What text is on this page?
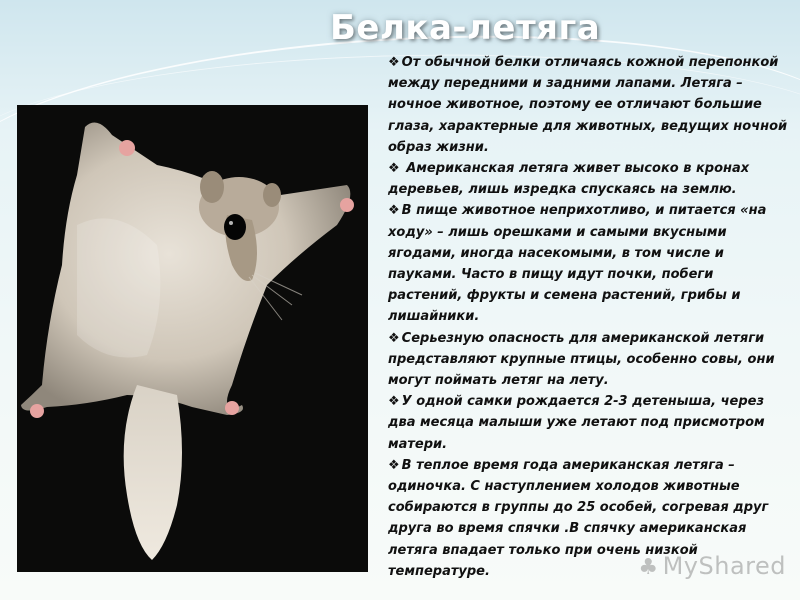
Белка-летяга

❖ От обычной белки отличаясь кожной перепонкой между передними и задними лапами. Летяга – ночное животное, поэтому ее отличают большие глаза, характерные для животных, ведущих ночной образ жизни.

❖ Американская летяга живет высоко в кронах деревьев, лишь изредка спускаясь на землю.

❖ В пище животное неприхотливо, и питается «на ходу» – лишь орешками и самыми вкусными ягодами, иногда насекомыми, в том числе и пауками. Часто в пищу идут почки, побеги растений, фрукты и семена растений, грибы и лишайники.

❖ Серьезную опасность для американской летяги представляют крупные птицы, особенно совы, они могут поймать летяг на лету.

❖ У одной самки рождается 2-3 детеныша, через два месяца малыши уже летают под присмотром матери.

❖ В теплое время года американская летяга – одиночка. С наступлением холодов животные собираются в группы до 25 особей, согревая друг друга во время спячки .В спячку американская летяга впадает только при очень низкой температуре.	♣ MyShared
